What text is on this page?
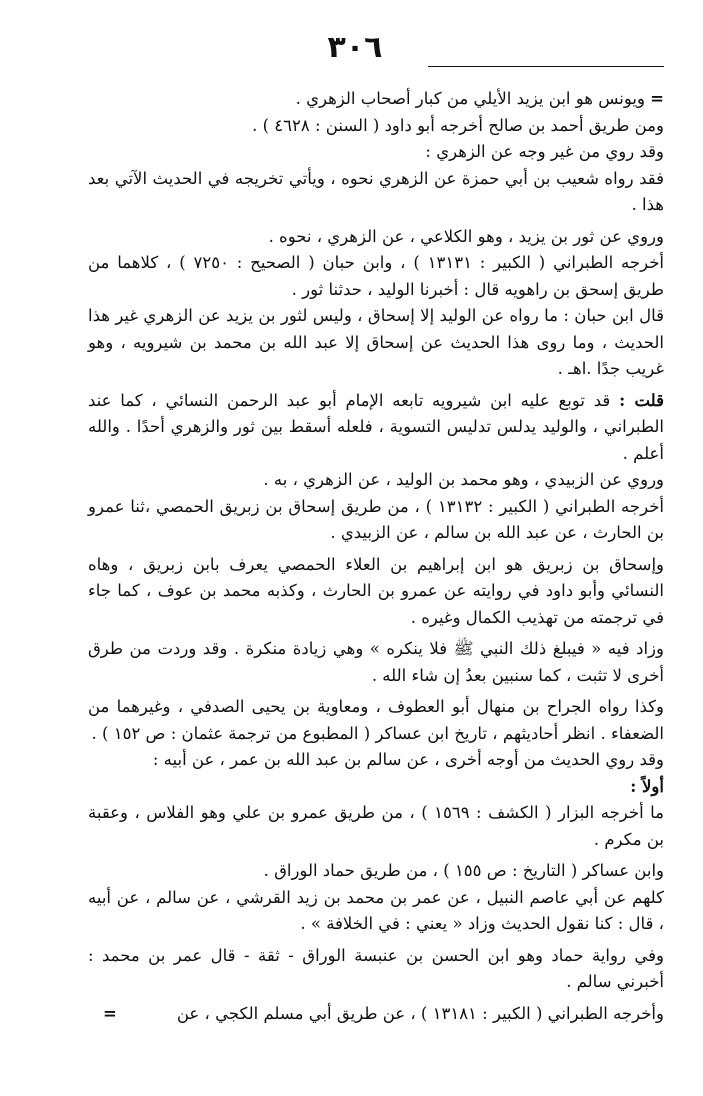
٣٠٦

= ويونس هو ابن يزيد الأيلي من كبار أصحاب الزهري .

ومن طريق أحمد بن صالح أخرجه أبو داود ( السنن : ٤٦٢٨ ) .

وقد روي من غير وجه عن الزهري :

فقد رواه شعيب بن أبي حمزة عن الزهري نحوه ، ويأتي تخريجه في الحديث الآتي بعد هذا .

وروي عن ثور بن يزيد ، وهو الكلاعي ، عن الزهري ، نحوه .

أخرجه الطبراني ( الكبير : ١٣١٣١ ) ، وابن حبان ( الصحيح : ٧٢٥٠ ) ، كلاهما من طريق إسحق بن راهويه قال : أخبرنا الوليد ، حدثنا ثور .

قال ابن حبان : ما رواه عن الوليد إلا إسحاق ، وليس لثور بن يزيد عن الزهري غير هذا الحديث ، وما روى هذا الحديث عن إسحاق إلا عبد الله بن محمد بن شيرويه ، وهو غريب جدًا .اهـ .

قلت : قد توبع عليه ابن شيرويه تابعه الإمام أبو عبد الرحمن النسائي ، كما عند الطبراني ، والوليد يدلس تدليس التسوية ، فلعله أسقط بين ثور والزهري أحدًا . والله أعلم .

وروي عن الزبيدي ، وهو محمد بن الوليد ، عن الزهري ، به .

أخرجه الطبراني ( الكبير : ١٣١٣٢ ) ، من طريق إسحاق بن زبريق الحمصي ،ثنا عمرو بن الحارث ، عن عبد الله بن سالم ، عن الزبيدي .

وإسحاق بن زبريق هو ابن إبراهيم بن العلاء الحمصي يعرف بابن زبريق ، وهاه النسائي وأبو داود في روايته عن عمرو بن الحارث ، وكذبه محمد بن عوف ، كما جاء في ترجمته من تهذيب الكمال وغيره .

وزاد فيه « فيبلغ ذلك النبي ﷺ فلا ينكره » وهي زيادة منكرة . وقد وردت من طرق أخرى لا تثبت ، كما سنبين بعدُ إن شاء الله .

وكذا رواه الجراح بن منهال أبو العطوف ، ومعاوية بن يحيى الصدفي ، وغيرهما من الضعفاء . انظر أحاديثهم ، تاريخ ابن عساكر ( المطبوع من ترجمة عثمان : ص ١٥٢ ) .

وقد روي الحديث من أوجه أخرى ، عن سالم بن عبد الله بن عمر ، عن أبيه :

أولاً :

ما أخرجه البزار ( الكشف : ١٥٦٩ ) ، من طريق عمرو بن علي وهو الفلاس ، وعقبة بن مكرم .

وابن عساكر ( التاريخ : ص ١٥٥ ) ، من طريق حماد الوراق .

كلهم عن أبي عاصم النبيل ، عن عمر بن محمد بن زيد القرشي ، عن سالم ، عن أبيه ، قال : كنا نقول الحديث وزاد « يعني : في الخلافة » .

وفي رواية حماد وهو ابن الحسن بن عنبسة الوراق - ثقة - قال عمر بن محمد : أخبرني سالم .

وأخرجه الطبراني ( الكبير : ١٣١٨١ ) ، عن طريق أبي مسلم الكجي ، عن=
